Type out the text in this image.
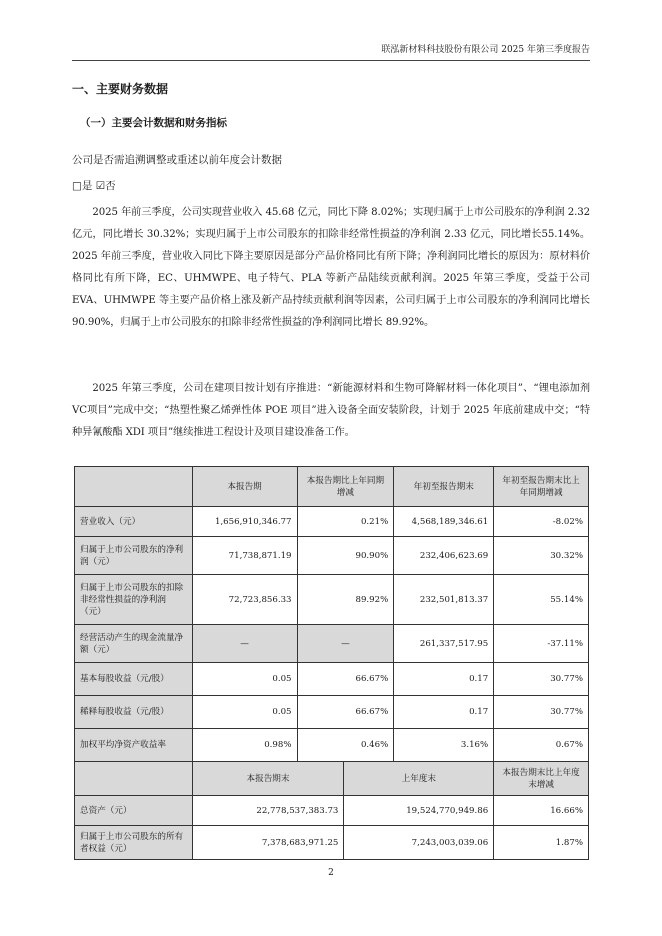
联泓新材料科技股份有限公司 2025 年第三季度报告
一、主要财务数据
（一）主要会计数据和财务指标
公司是否需追溯调整或重述以前年度会计数据
□是 ☑否
2025 年前三季度，公司实现营业收入 45.68 亿元，同比下降 8.02%；实现归属于上市公司股东的净利润 2.32 亿元，同比增长 30.32%；实现归属于上市公司股东的扣除非经常性损益的净利润 2.33 亿元，同比增长55.14%。2025 年前三季度，营业收入同比下降主要原因是部分产品价格同比有所下降；净利润同比增长的原因为：原材料价格同比有所下降，EC、UHMWPE、电子特气、PLA 等新产品陆续贡献利润。2025 年第三季度，受益于公司 EVA、UHMWPE 等主要产品价格上涨及新产品持续贡献利润等因素，公司归属于上市公司股东的净利润同比增长 90.90%，归属于上市公司股东的扣除非经常性损益的净利润同比增长 89.92%。
2025 年第三季度，公司在建项目按计划有序推进：“新能源材料和生物可降解材料一体化项目”、“锂电添加剂VC项目”完成中交；“热塑性聚乙烯弹性体 POE 项目”进入设备全面安装阶段，计划于 2025 年底前建成中交；“特种异氰酸酯 XDI 项目”继续推进工程设计及项目建设准备工作。
	本报告期	本报告期比上年同期增减		年初至报告期末	年初至报告期末比上年同期增减
营业收入（元）	1,656,910,346.77	0.21%		4,568,189,346.61	-8.02%
归属于上市公司股东的净利润（元）	71,738,871.19	90.90%		232,406,623.69	30.32%
归属于上市公司股东的扣除非经常性损益的净利润（元）	72,723,856.33	89.92%		232,501,813.37	55.14%
经营活动产生的现金流量净额（元）	—	—		261,337,517.95	-37.11%
基本每股收益（元/股）	0.05	66.67%		0.17	30.77%
稀释每股收益（元/股）	0.05	66.67%		0.17	30.77%
加权平均净资产收益率	0.98%	0.46%		3.16%	0.67%
	本报告期末		上年度末		本报告期末比上年度末增减
总资产（元）	22,778,537,383.73		19,524,770,949.86		16.66%
归属于上市公司股东的所有者权益（元）	7,378,683,971.25		7,243,003,039.06		1.87%
2
